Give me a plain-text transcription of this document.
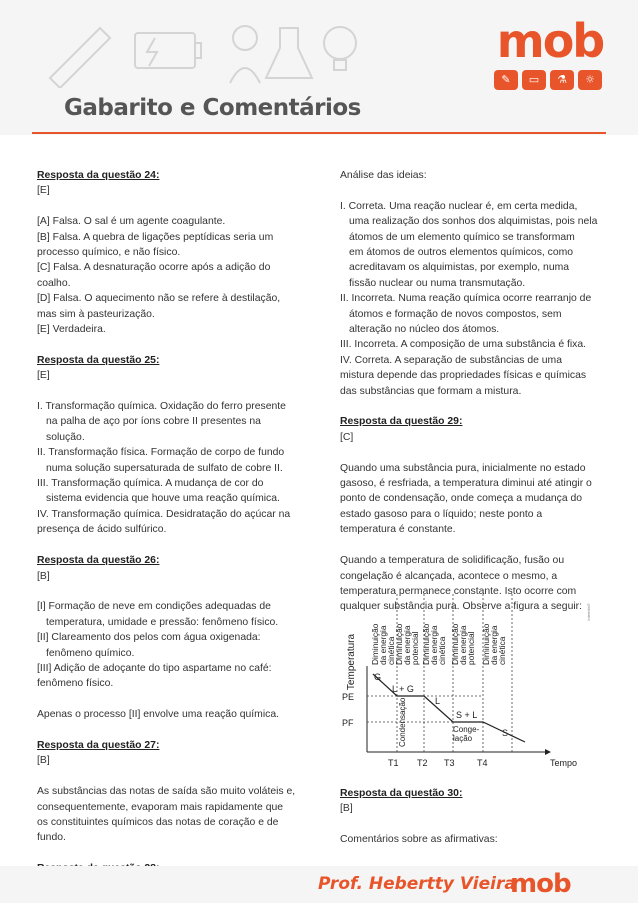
mob
✎	▭	⚗	☼
Gabarito e Comentários
Resposta da questão 24:
[E]
[A] Falsa. O sal é um agente coagulante.
[B] Falsa. A quebra de ligações peptídicas seria um
processo químico, e não físico.
[C] Falsa. A desnaturação ocorre após a adição do
coalho.
[D] Falsa. O aquecimento não se refere à destilação,
mas sim à pasteurização.
[E] Verdadeira.
Resposta da questão 25:
[E]
I. Transformação química. Oxidação do ferro presente
na palha de aço por íons cobre II presentes na
solução.
II. Transformação física. Formação de corpo de fundo
numa solução supersaturada de sulfato de cobre II.
III. Transformação química. A mudança de cor do
sistema evidencia que houve uma reação química.
IV. Transformação química. Desidratação do açúcar na
presença de ácido sulfúrico.
Resposta da questão 26:
[B]
[I] Formação de neve em condições adequadas de
temperatura, umidade e pressão: fenômeno físico.
[II] Clareamento dos pelos com água oxigenada:
fenômeno químico.
[III] Adição de adoçante do tipo aspartame no café:
fenômeno físico.
Apenas o processo [II] envolve uma reação química.
Resposta da questão 27:
[B]
As substâncias das notas de saída são muito voláteis e,
consequentemente, evaporam mais rapidamente que
os constituintes químicos das notas de coração e de
fundo.
Análise das ideias:
I. Correta. Uma reação nuclear é, em certa medida,
uma realização dos sonhos dos alquimistas, pois nela
átomos de um elemento químico se transformam
em átomos de outros elementos químicos, como
acreditavam os alquimistas, por exemplo, numa
fissão nuclear ou numa transmutação.
II. Incorreta. Numa reação química ocorre rearranjo de
átomos e formação de novos compostos, sem
alteração no núcleo dos átomos.
III. Incorreta. A composição de uma substância é fixa.
IV. Correta. A separação de substâncias de uma
mistura depende das propriedades físicas e químicas
das substâncias que formam a mistura.
Resposta da questão 29:
[C]
Quando uma substância pura, inicialmente no estado
gasoso, é resfriada, a temperatura diminui até atingir o
ponto de condensação, onde começa a mudança do
estado gasoso para o líquido; neste ponto a
temperatura é constante.
Quando a temperatura de solidificação, fusão ou
congelação é alcançada, acontece o mesmo, a
temperatura permanece constante. Isto ocorre com
qualquer substância pura. Observe a figura a seguir:
Temperatura
Interbits®
Diminuição
da energia
cinética
Diminuição
da energia
potencial Diminuição
da energia
cinética Diminuição
da energia
potencial Diminuição
da energia
cinética
PE
PF
G
L + G
L
S + L
S
Tempo
T1 T2 T3 T4
Condensação	Conge-
lação
Resposta da questão 30:
[B]
Comentários sobre as afirmativas:
Prof. Hebertty Vieira
mob
